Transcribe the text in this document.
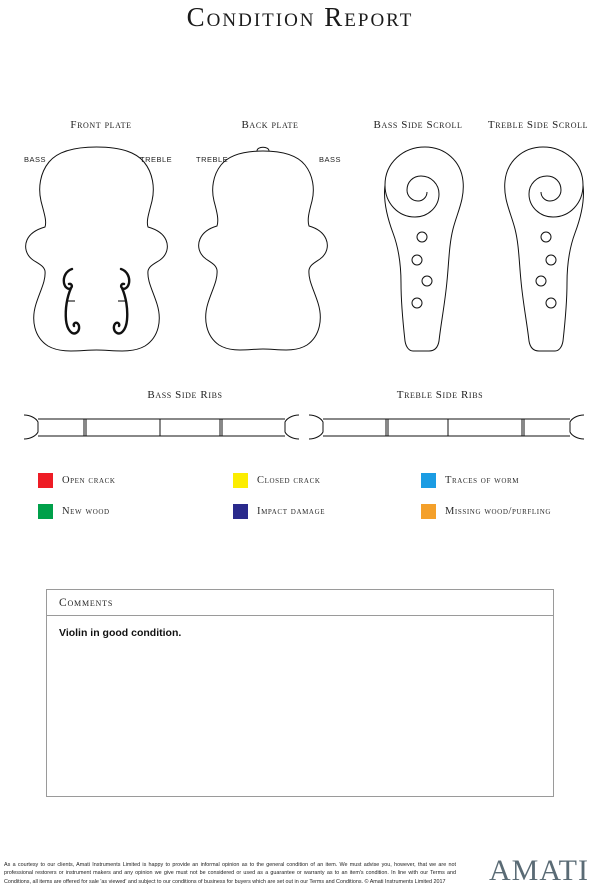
Condition Report
Front plate	Back plate	Bass Side Scroll	Treble Side Scroll
BASS	TREBLE	TREBLE	BASS
Bass Side Ribs	Treble Side Ribs
Open crack	Closed crack	Traces of worm
New wood	Impact damage	Missing wood/purfling
Comments
Violin in good condition.
As a courtesy to our clients, Amati Instruments Limited is happy to provide an informal opinion as to the general condition of an item. We must advise you, however, that we are not professional restorers or instrument makers and any opinion we give must not be considered or used as a guarantee or warranty as to an item's condition. In line with our Terms and Conditions, all items are offered for sale 'as viewed' and subject to our conditions of business for buyers which are set out in our Terms and Conditions. © Amati Instruments Limited 2017	AMATI
